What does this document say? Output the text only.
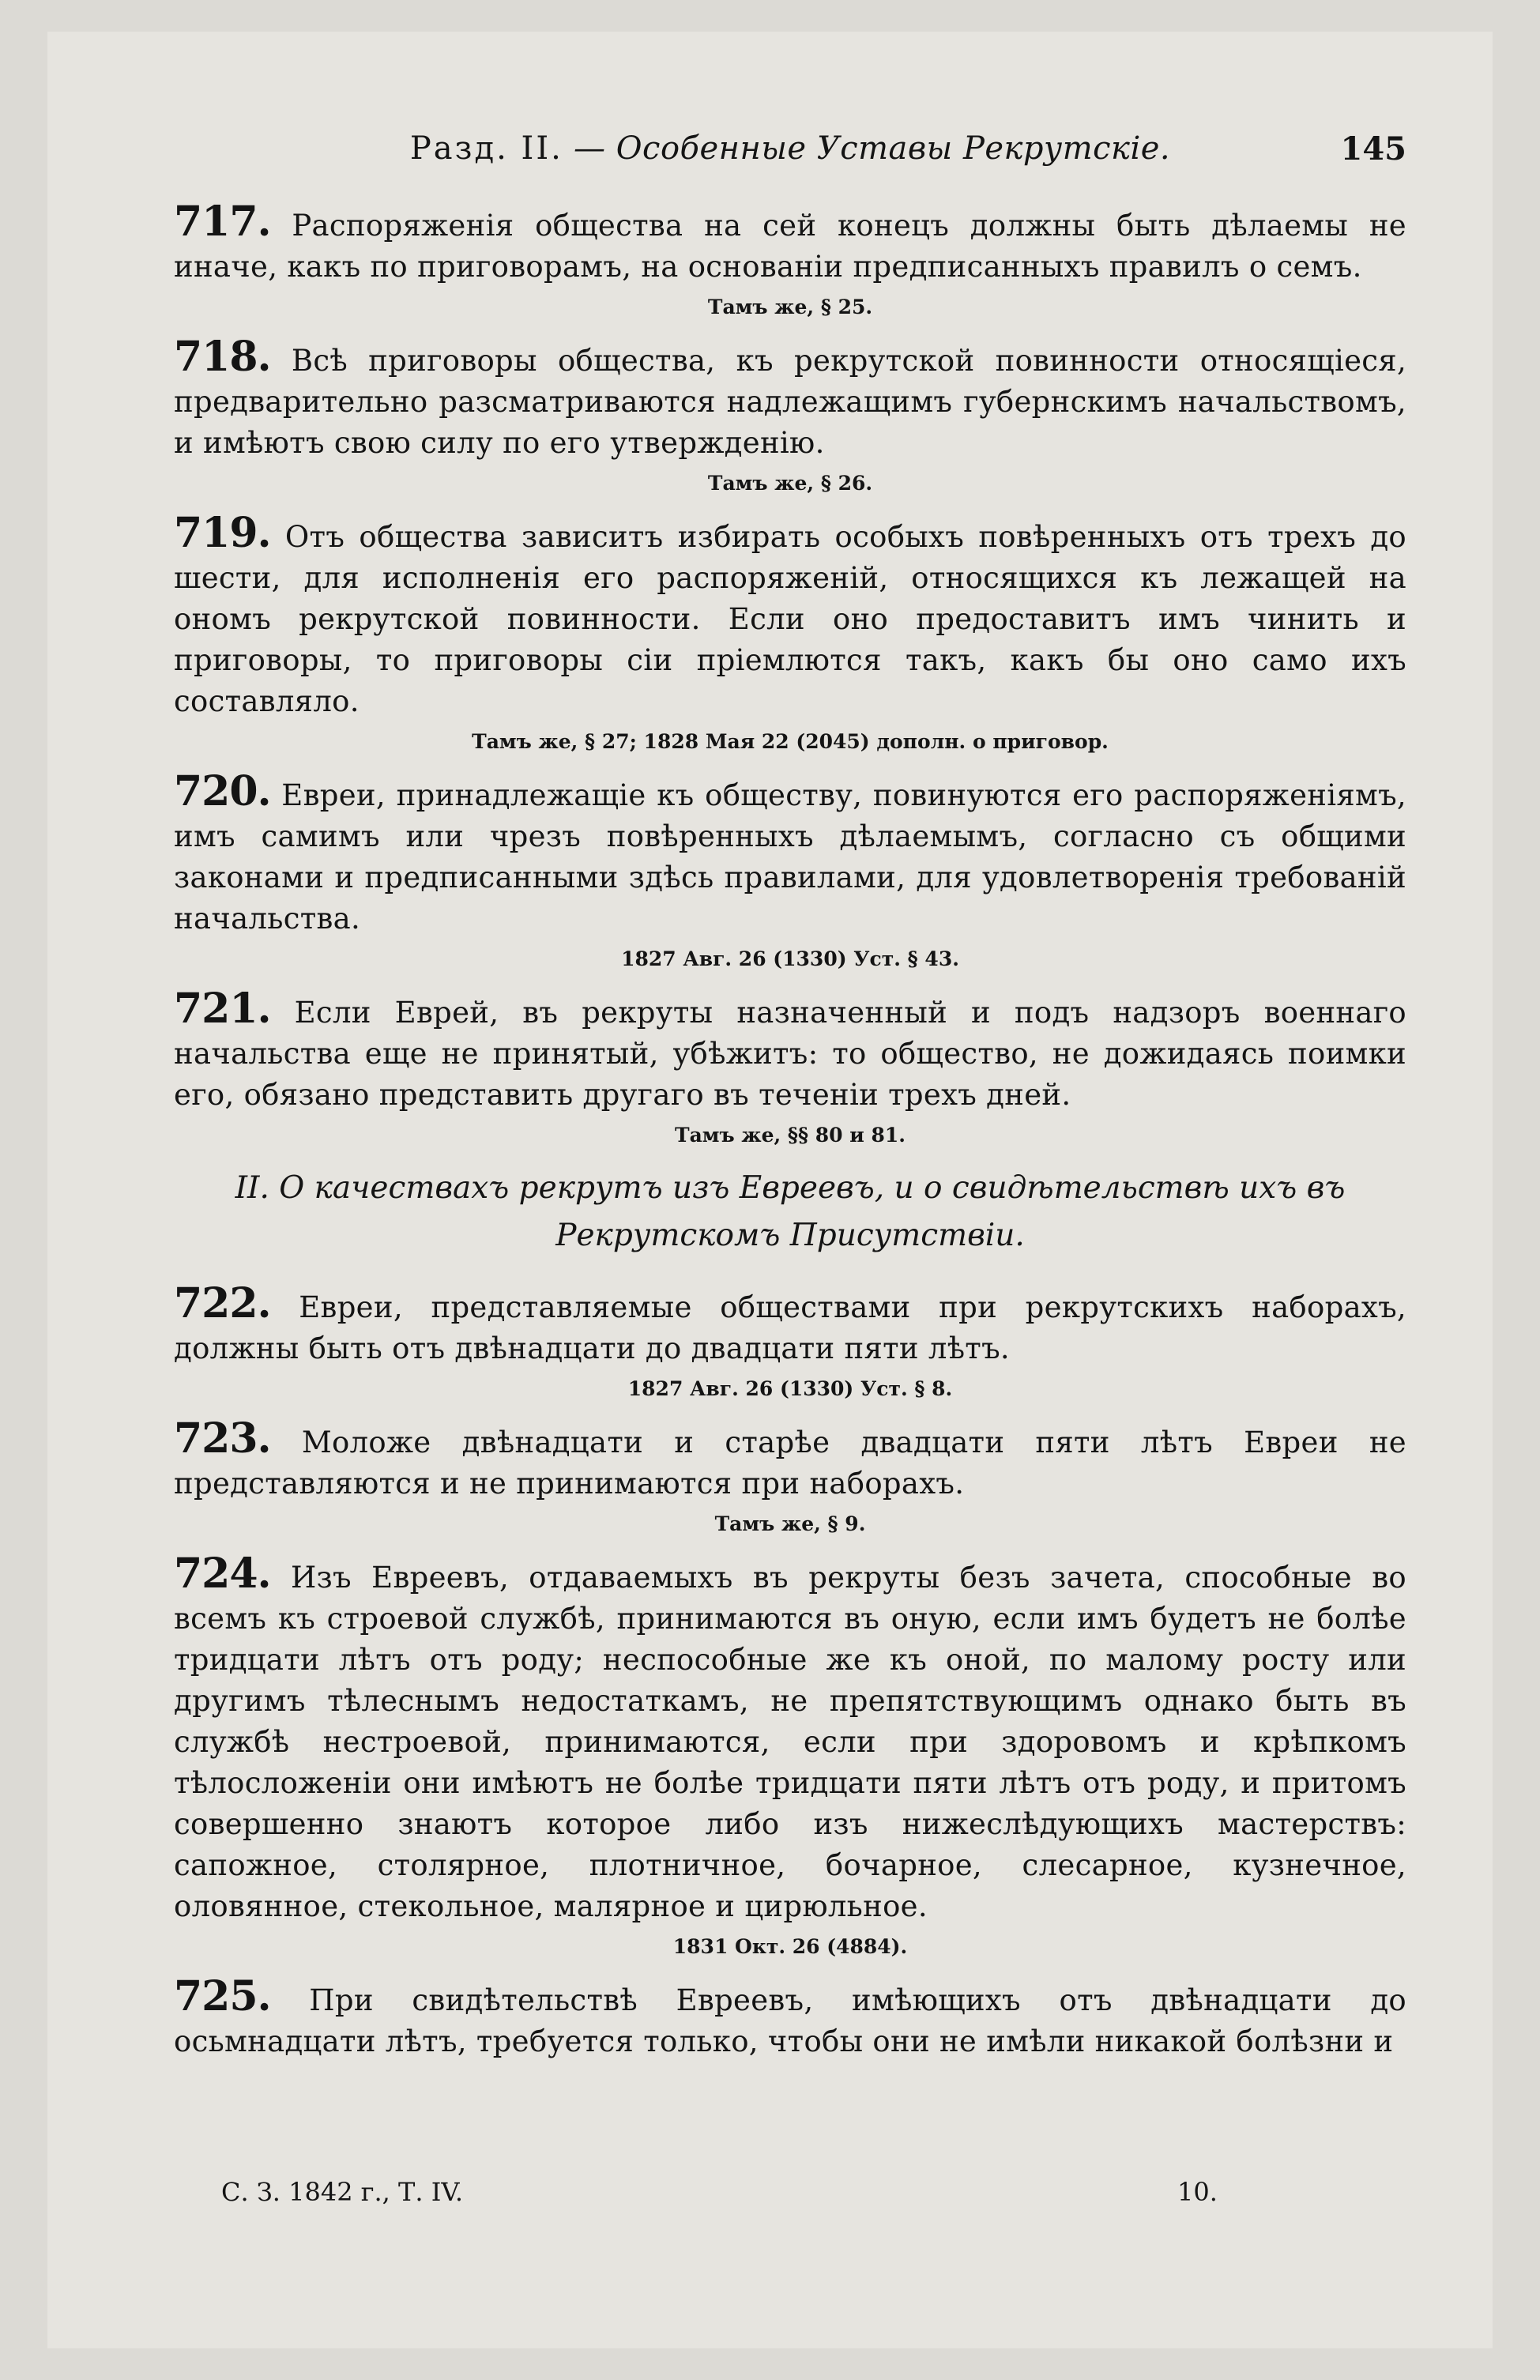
Разд. II. — Особенные Уставы Рекрутскіе.	145

717. Распоряженія общества на сей конецъ должны быть дѣлаемы не иначе, какъ по приговорамъ, на основаніи предписанныхъ правилъ о семъ.

Тамъ же, § 25.

718. Всѣ приговоры общества, къ рекрутской повинности относящіеся, предварительно разсматриваются надлежащимъ губернскимъ начальствомъ, и имѣютъ свою силу по его утвержденію.

Тамъ же, § 26.

719. Отъ общества зависитъ избирать особыхъ повѣренныхъ отъ трехъ до шести, для исполненія его распоряженій, относящихся къ лежащей на ономъ рекрутской повинности. Если оно предоставитъ имъ чинить и приговоры, то приговоры сіи пріемлются такъ, какъ бы оно само ихъ составляло.

Тамъ же, § 27; 1828 Мая 22 (2045) дополн. о приговор.

720. Евреи, принадлежащіе къ обществу, повинуются его распоряженіямъ, имъ самимъ или чрезъ повѣренныхъ дѣлаемымъ, согласно съ общими законами и предписанными здѣсь правилами, для удовлетворенія требованій начальства.

1827 Авг. 26 (1330) Уст. § 43.

721. Если Еврей, въ рекруты назначенный и подъ надзоръ военнаго начальства еще не принятый, убѣжитъ: то общество, не дожидаясь поимки его, обязано представить другаго въ теченіи трехъ дней.

Тамъ же, §§ 80 и 81.
II. О качествахъ рекрутъ изъ Евреевъ, и о свидѣтельствѣ ихъ въ Рекрутскомъ Присутствіи.

722. Евреи, представляемые обществами при рекрутскихъ наборахъ, должны быть отъ двѣнадцати до двадцати пяти лѣтъ.

1827 Авг. 26 (1330) Уст. § 8.

723. Моложе двѣнадцати и старѣе двадцати пяти лѣтъ Евреи не представляются и не принимаются при наборахъ.

Тамъ же, § 9.

724. Изъ Евреевъ, отдаваемыхъ въ рекруты безъ зачета, способные во всемъ къ строевой службѣ, принимаются въ оную, если имъ будетъ не болѣе тридцати лѣтъ отъ роду; неспособные же къ оной, по малому росту или другимъ тѣлеснымъ недостаткамъ, не препятствующимъ однако быть въ службѣ нестроевой, принимаются, если при здоровомъ и крѣпкомъ тѣлосложеніи они имѣютъ не болѣе тридцати пяти лѣтъ отъ роду, и притомъ совершенно знаютъ которое либо изъ нижеслѣдующихъ мастерствъ: сапожное, столярное, плотничное, бочарное, слесарное, кузнечное, оловянное, стекольное, малярное и цирюльное.

1831 Окт. 26 (4884).

725. При свидѣтельствѣ Евреевъ, имѣющихъ отъ двѣнадцати до осьмнадцати лѣтъ, требуется только, чтобы они не имѣли никакой болѣзни и

С. З. 1842 г., Т. IV.	10.
